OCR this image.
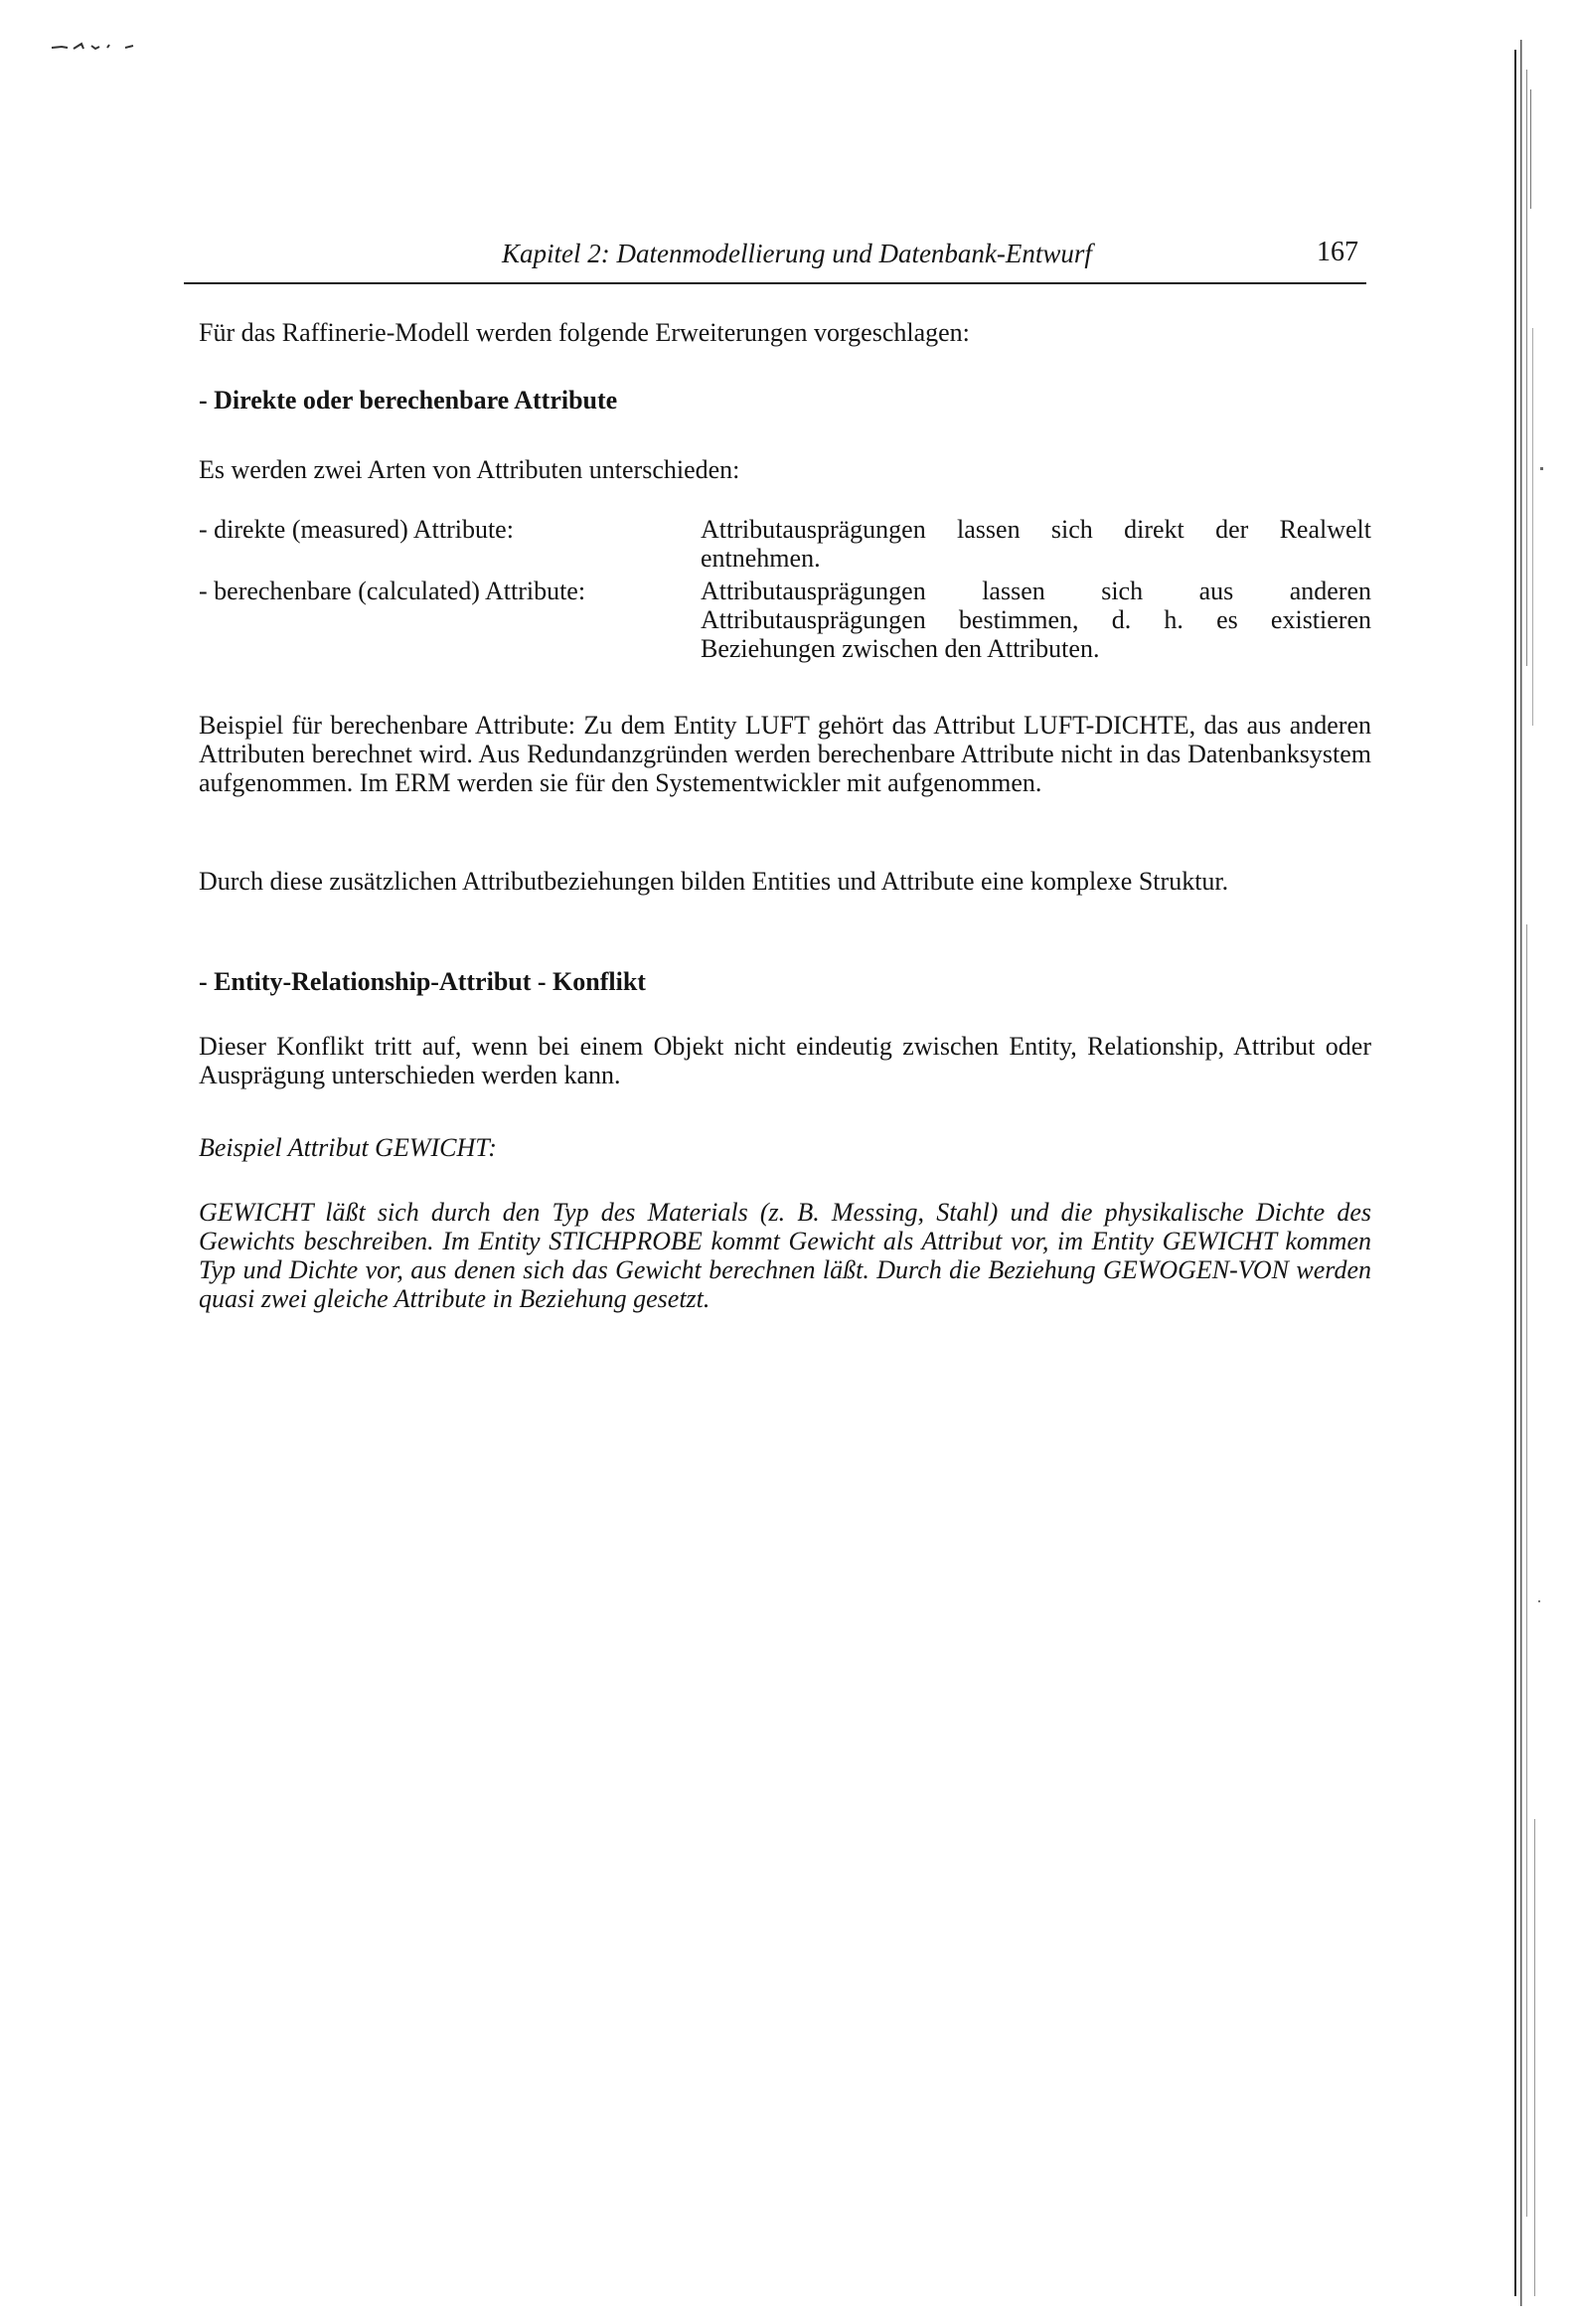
Kapitel 2: Datenmodellierung und Datenbank-Entwurf	167
Für das Raffinerie-Modell werden folgende Erweiterungen vorgeschlagen:
- Direkte oder berechenbare Attribute
Es werden zwei Arten von Attributen unterschieden:
- direkte (measured) Attribute:	Attributausprägungen lassen sich direkt der Realwelt entnehmen.
- berechenbare (calculated) Attribute:	Attributausprägungen lassen sich aus anderen Attributausprägungen bestimmen, d. h. es existieren Beziehungen zwischen den Attributen.
Beispiel für berechenbare Attribute: Zu dem Entity LUFT gehört das Attribut LUFT-DICHTE, das aus anderen Attributen berechnet wird. Aus Redundanzgründen werden berechenbare Attribute nicht in das Datenbanksystem aufgenommen. Im ERM werden sie für den Systementwickler mit aufgenommen.
Durch diese zusätzlichen Attributbeziehungen bilden Entities und Attribute eine komplexe Struktur.
- Entity-Relationship-Attribut - Konflikt
Dieser Konflikt tritt auf, wenn bei einem Objekt nicht eindeutig zwischen Entity, Relationship, Attribut oder Ausprägung unterschieden werden kann.
Beispiel Attribut GEWICHT:
GEWICHT läßt sich durch den Typ des Materials (z. B. Messing, Stahl) und die physikalische Dichte des Gewichts beschreiben. Im Entity STICHPROBE kommt Gewicht als Attribut vor, im Entity GEWICHT kommen Typ und Dichte vor, aus denen sich das Gewicht berechnen läßt. Durch die Beziehung GEWOGEN-VON werden quasi zwei gleiche Attribute in Beziehung gesetzt.
